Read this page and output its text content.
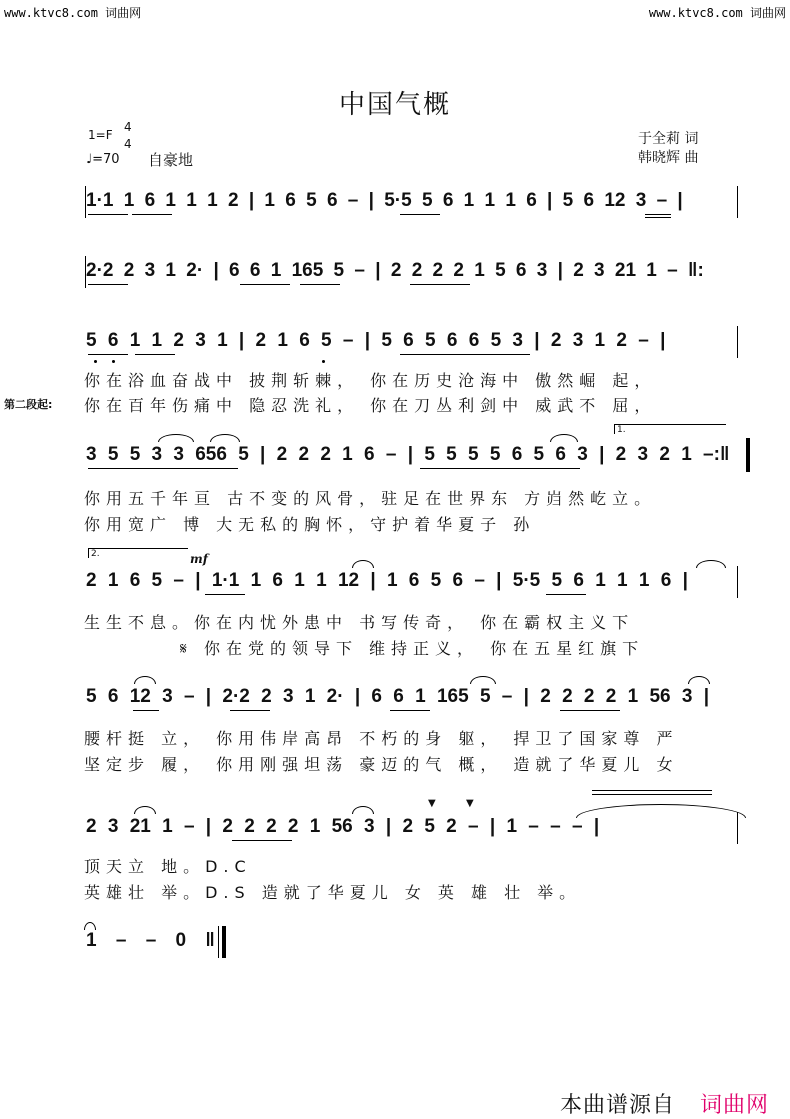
www.ktvc8.com 词曲网	www.ktvc8.com 词曲网
中国气概
1=F
4
4
♩=70 自豪地
于全莉 词
韩晓辉 曲
1·1 1 6 1 1 1 2 | 1 6 5 6 – | 5·5 5 6 1 1 1 6 | 5 6 12 3 – |
2·2 2 3 1 2· | 6 6 1 165 5 – | 2 2 2 2 1 5 6 3 | 2 3 21 1 – ‖:
5 6 1 1 2 3 1 | 2 1 6 5 – | 5 6 5 6 6 5 3 | 2 3 1 2 – |
第二段起:
你在浴血奋战中 披荆斩棘， 你在历史沧海中 傲然崛 起，
你在百年伤痛中 隐忍洗礼， 你在刀丛利剑中 威武不 屈，
1.
3 5 5 3 3 656 5 | 2 2 2 1 6 – | 5 5 5 5 6 5 6 3 | 2 3 2 1 –:‖
你用五千年亘 古不变的风骨，驻足在世界东 方岿然屹立。
你用宽广 博 大无私的胸怀，守护着华夏子 孙
2.	mf
2 1 6 5 – | 1·1 1 6 1 1 12 | 1 6 5 6 – | 5·5 5 6 1 1 1 6 |
生生不息。你在内忧外患中 书写传奇， 你在霸权主义下
𝄋 你在党的领导下 维持正义， 你在五星红旗下
5 6 12 3 – | 2·2 2 3 1 2· | 6 6 1 165 5 – | 2 2 2 2 1 56 3 |
腰杆挺 立， 你用伟岸高昂 不朽的身 躯， 捍卫了国家尊 严
坚定步 履， 你用刚强坦荡 豪迈的气 概， 造就了华夏儿 女
2 3 21 1 – | 2 2 2 2 1 56 3 | 2 5 2 – | 1 – – – |
▼	▼
顶天立 地。D.C
英雄壮 举。D.S 造就了华夏儿 女 英 雄 壮 举。
1 – – 0 ‖
本曲谱源自 词曲网
